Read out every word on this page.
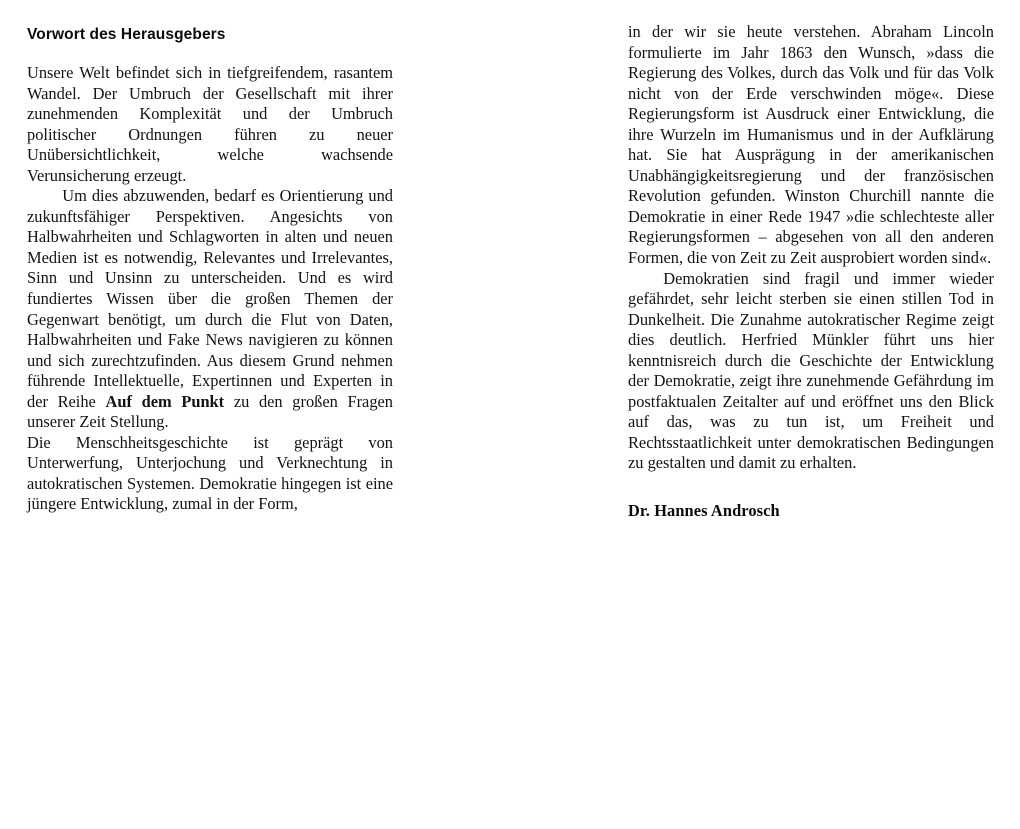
Vorwort des Herausgebers

Unsere Welt befindet sich in tiefgreifendem, rasantem Wandel. Der Umbruch der Gesellschaft mit ihrer zunehmenden Komplexität und der Umbruch politischer Ordnungen führen zu neuer Unübersichtlichkeit, welche wachsende Verunsicherung erzeugt.

Um dies abzuwenden, bedarf es Orientierung und zukunftsfähiger Perspektiven. Angesichts von Halbwahrheiten und Schlagworten in alten und neuen Medien ist es notwendig, Relevantes und Irrelevantes, Sinn und Unsinn zu unterscheiden. Und es wird fundiertes Wissen über die großen Themen der Gegenwart benötigt, um durch die Flut von Daten, Halbwahrheiten und Fake News navigieren zu können und sich zurechtzufinden. Aus diesem Grund nehmen führende Intellektuelle, Expertinnen und Experten in der Reihe Auf dem Punkt zu den großen Fragen unserer Zeit Stellung.

Die Menschheitsgeschichte ist geprägt von Unterwerfung, Unterjochung und Verknechtung in autokratischen Systemen. Demokratie hingegen ist eine jüngere Entwicklung, zumal in der Form,

in der wir sie heute verstehen. Abraham Lincoln formulierte im Jahr 1863 den Wunsch, »dass die Regierung des Volkes, durch das Volk und für das Volk nicht von der Erde verschwinden möge«. Diese Regierungsform ist Ausdruck einer Entwicklung, die ihre Wurzeln im Humanismus und in der Aufklärung hat. Sie hat Ausprägung in der amerikanischen Unabhängigkeitsregierung und der französischen Revolution gefunden. Winston Churchill nannte die Demokratie in einer Rede 1947 »die schlechteste aller Regierungsformen – abgesehen von all den anderen Formen, die von Zeit zu Zeit ausprobiert worden sind«.

Demokratien sind fragil und immer wieder gefährdet, sehr leicht sterben sie einen stillen Tod in Dunkelheit. Die Zunahme autokratischer Regime zeigt dies deutlich. Herfried Münkler führt uns hier kenntnisreich durch die Geschichte der Entwicklung der Demokratie, zeigt ihre zunehmende Gefährdung im postfaktualen Zeitalter auf und eröffnet uns den Blick auf das, was zu tun ist, um Freiheit und Rechtsstaatlichkeit unter demokratischen Bedingungen zu gestalten und damit zu erhalten.

Dr. Hannes Androsch
